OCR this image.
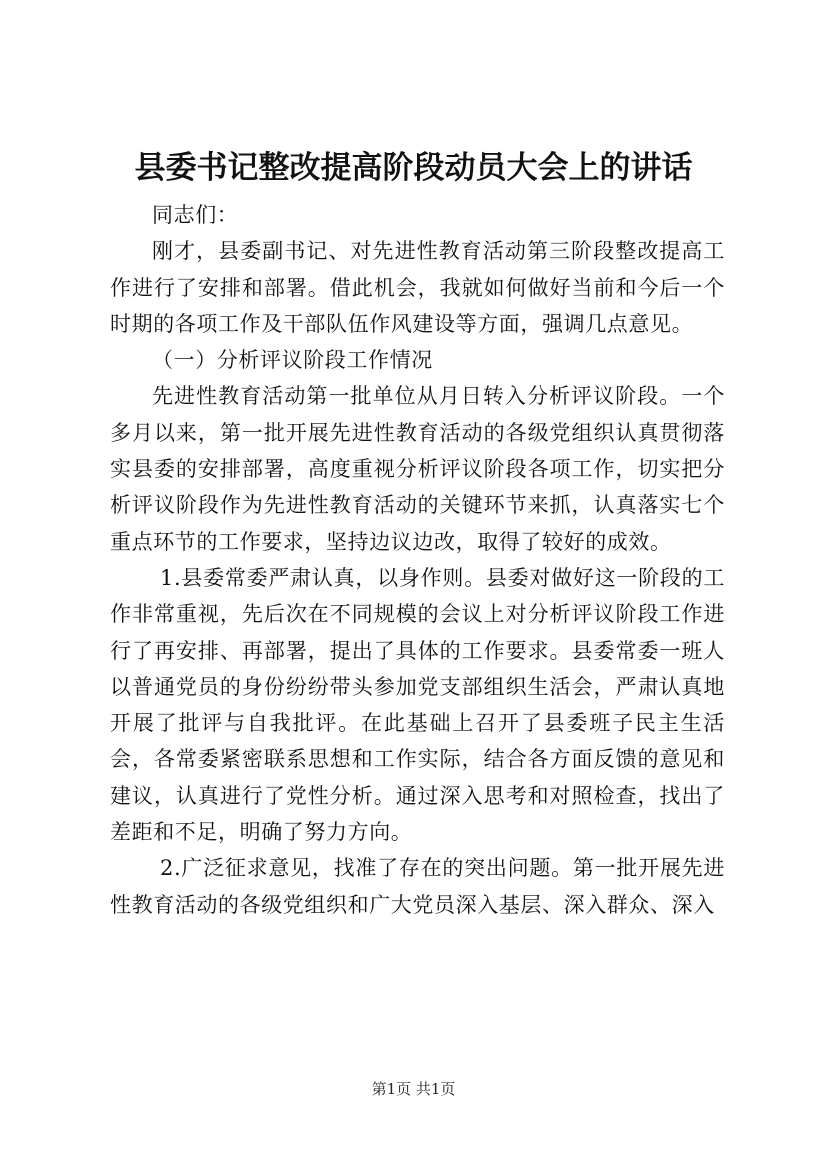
县委书记整改提高阶段动员大会上的讲话

同志们：

刚才，县委副书记、对先进性教育活动第三阶段整改提高工作进行了安排和部署。借此机会，我就如何做好当前和今后一个时期的各项工作及干部队伍作风建设等方面，强调几点意见。

（一）分析评议阶段工作情况

先进性教育活动第一批单位从月日转入分析评议阶段。一个多月以来，第一批开展先进性教育活动的各级党组织认真贯彻落实县委的安排部署，高度重视分析评议阶段各项工作，切实把分析评议阶段作为先进性教育活动的关键环节来抓，认真落实七个重点环节的工作要求，坚持边议边改，取得了较好的成效。

1.县委常委严肃认真，以身作则。县委对做好这一阶段的工作非常重视，先后次在不同规模的会议上对分析评议阶段工作进行了再安排、再部署，提出了具体的工作要求。县委常委一班人以普通党员的身份纷纷带头参加党支部组织生活会，严肃认真地开展了批评与自我批评。在此基础上召开了县委班子民主生活会，各常委紧密联系思想和工作实际，结合各方面反馈的意见和建议，认真进行了党性分析。通过深入思考和对照检查，找出了差距和不足，明确了努力方向。

2.广泛征求意见，找准了存在的突出问题。第一批开展先进性教育活动的各级党组织和广大党员深入基层、深入群众、深入

第1页 共1页
